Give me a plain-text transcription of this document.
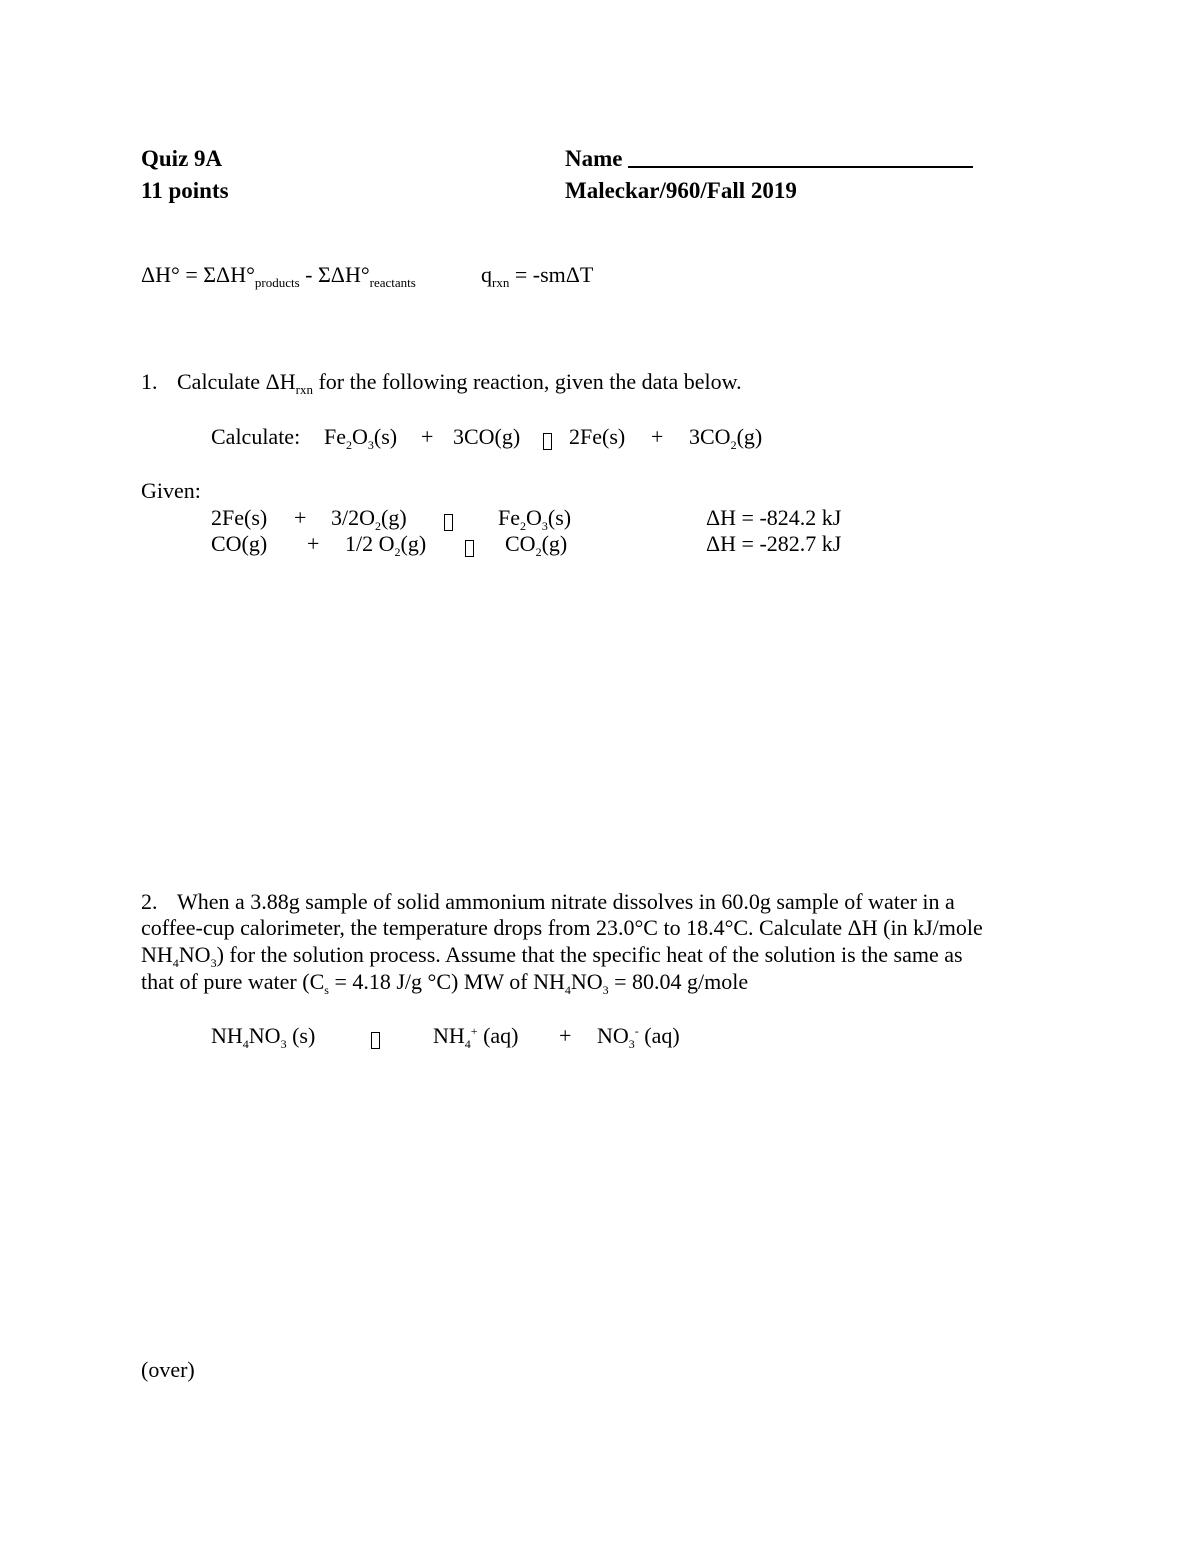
Quiz 9A
11 points
Name
Maleckar/960/Fall 2019
$\Delta H^\circ = \Sigma\Delta H^\circ_{products} - \Sigma\Delta H^\circ_{reactants}$	$q_{rxn} = -sm\Delta T$
1. Calculate $\Delta H_{rxn}$ for the following reaction, given the data below.
Calculate: $Fe_2O_3(s) + 3CO(g) 2Fe(s) + 3CO_2(g)$
Given:
$2Fe(s) + 3/2O_2(g)$	$Fe_2O_3(s)$	ΔH = -824.2 kJ
CO(g) + 1/2 $O_2(g)$	$CO_2(g)$	ΔH = -282.7 kJ
2. When a 3.88g sample of solid ammonium nitrate dissolves in 60.0g sample of water in a
coffee-cup calorimeter, the temperature drops from 23.0°C to 18.4°C. Calculate ΔH (in kJ/mole
$NH_4NO_3$) for the solution process. Assume that the specific heat of the solution is the same as
that of pure water ($C_s = 4.18$ J/g °C) MW of $NH_4NO_3 = 80.04$ g/mole
$NH_4NO_3$ (s)	$NH_4^+$ $(aq) + NO_3^-$ (aq)
(over)
